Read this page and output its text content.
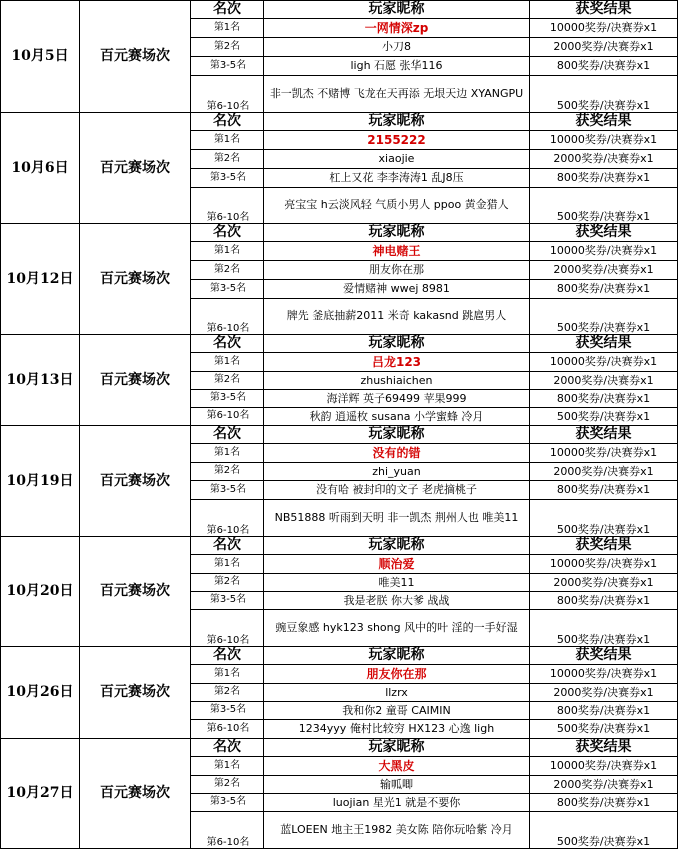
10月5日	百元赛场次	名次	玩家昵称	获奖结果
		第1名	一网情深zp	10000奖券/决赛券x1
		第2名	小刀8	2000奖券/决赛券x1
		第3-5名	ligh 石愿 张华116	800奖券/决赛券x1
		第6-10名	非一凯杰 不赌博 飞龙在天再添 无垠天边 XYANGPU	500奖券/决赛券x1
10月6日	百元赛场次	名次	玩家昵称	获奖结果
		第1名	2155222	10000奖券/决赛券x1
		第2名	xiaojie	2000奖券/决赛券x1
		第3-5名	杠上又花 李李涛涛1 乱J8压	800奖券/决赛券x1
		第6-10名	亮宝宝 h云淡风轻 气质小男人 ppoo 黄金猎人	500奖券/决赛券x1
10月12日	百元赛场次	名次	玩家昵称	获奖结果
		第1名	神电赌王	10000奖券/决赛券x1
		第2名	朋友你在那	2000奖券/决赛券x1
		第3-5名	爱情赌神 wwej 8981	800奖券/决赛券x1
		第6-10名	牌先 釜底抽薪2011 米奇 kakasnd 跳扈男人	500奖券/决赛券x1
10月13日	百元赛场次	名次	玩家昵称	获奖结果
		第1名	吕龙123	10000奖券/决赛券x1
		第2名	zhushiaichen	2000奖券/决赛券x1
		第3-5名	海洋辉 英子69499 苹果999	800奖券/决赛券x1
		第6-10名	秋韵 逍遥枚 susana 小学蜜蜂 冷月	500奖券/决赛券x1
10月19日	百元赛场次	名次	玩家昵称	获奖结果
		第1名	没有的错	10000奖券/决赛券x1
		第2名	zhi_yuan	2000奖券/决赛券x1
		第3-5名	没有哈 被封印的文子 老虎摘桃子	800奖券/决赛券x1
		第6-10名	NB51888 听雨到天明 非一凯杰 荆州人也 唯美11	500奖券/决赛券x1
10月20日	百元赛场次	名次	玩家昵称	获奖结果
		第1名	顺治爱	10000奖券/决赛券x1
		第2名	唯美11	2000奖券/决赛券x1
		第3-5名	我是老朕 你大爹 战战	800奖券/决赛券x1
		第6-10名	豌豆象感 hyk123 shong 风中的叶 淫的一手好湿	500奖券/决赛券x1
10月26日	百元赛场次	名次	玩家昵称	获奖结果
		第1名	朋友你在那	10000奖券/决赛券x1
		第2名	llzrx	2000奖券/决赛券x1
		第3-5名	我和你2 童哥 CAIMIN	800奖券/决赛券x1
		第6-10名	1234yyy 俺村比较穷 HX123 心逸 ligh	500奖券/决赛券x1
10月27日	百元赛场次	名次	玩家昵称	获奖结果
		第1名	大黑皮	10000奖券/决赛券x1
		第2名	输呱唧	2000奖券/决赛券x1
		第3-5名	luojian 星光1 就是不要你	800奖券/决赛券x1
		第6-10名	蓝LOEEN 地主王1982 美女陈 陪你玩哈紫 冷月	500奖券/决赛券x1
